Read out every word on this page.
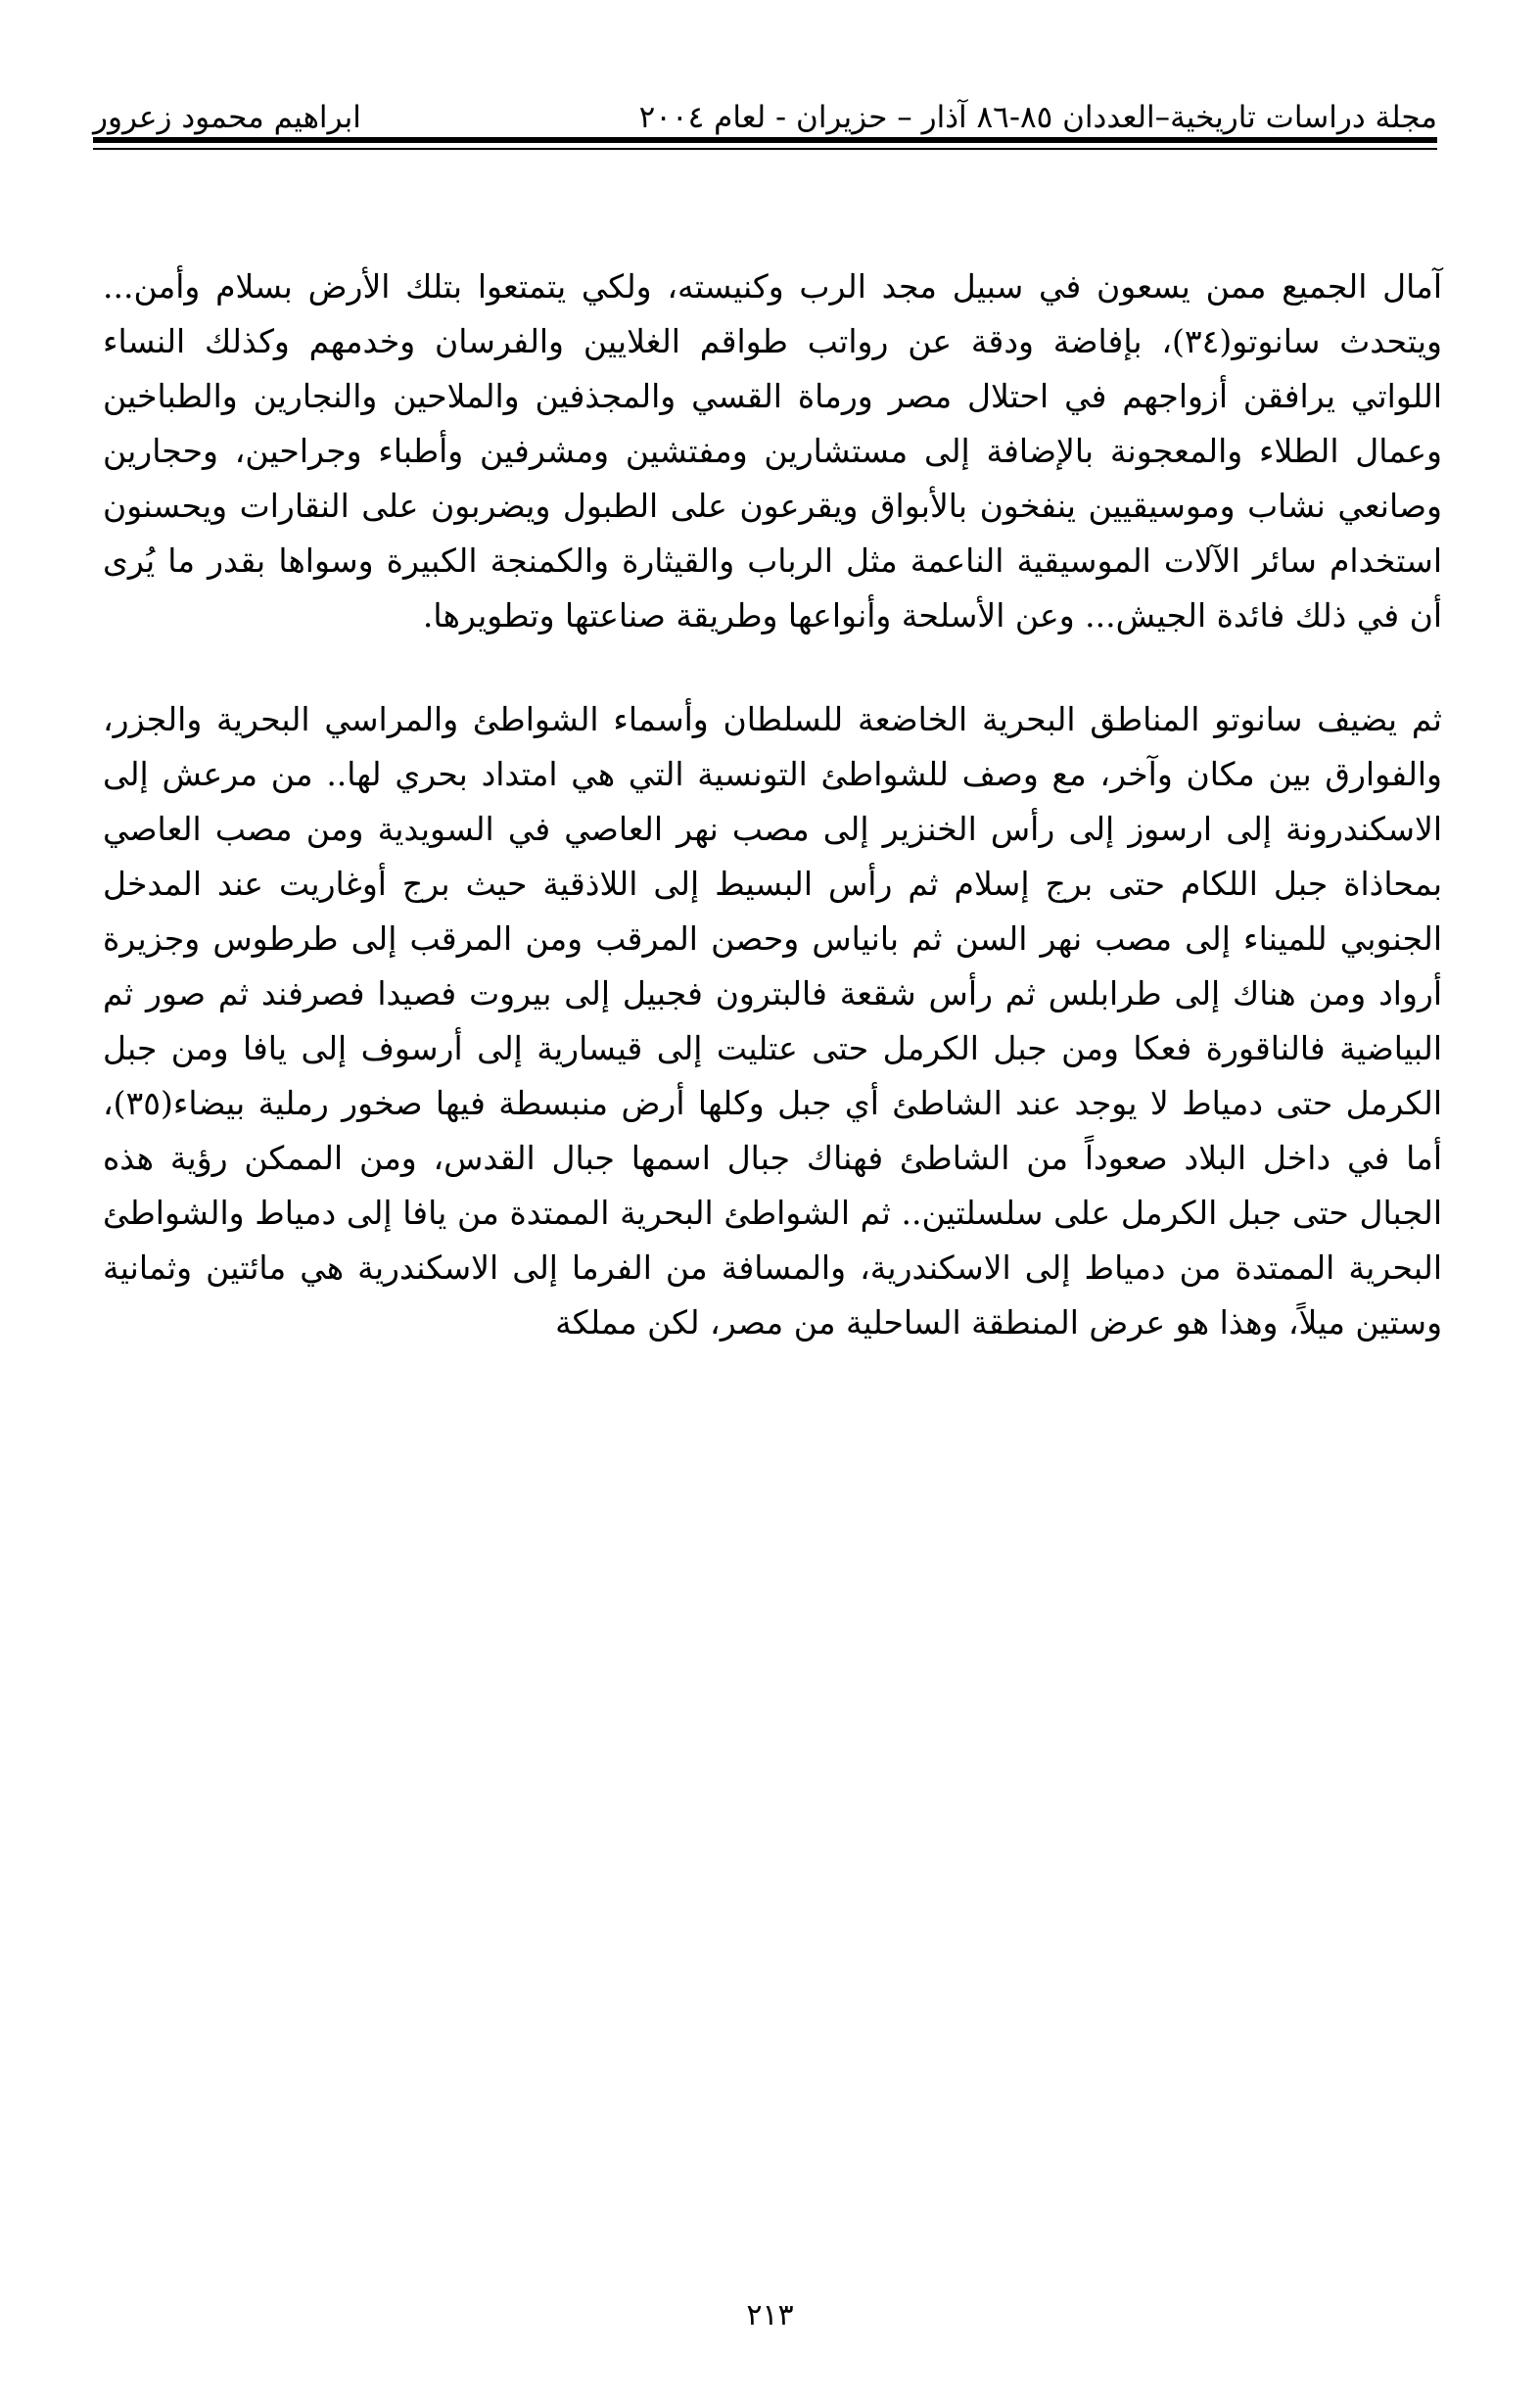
مجلة دراسات تاريخية–العددان ٨٥-٨٦ آذار – حزيران - لعام ٢٠٠٤
ابراهيم محمود زعرور

آمال الجميع ممن يسعون في سبيل مجد الرب وكنيسته، ولكي يتمتعوا بتلك الأرض بسلام وأمن... ويتحدث سانوتو(٣٤)، بإفاضة ودقة عن رواتب طواقم الغلايين والفرسان وخدمهم وكذلك النساء اللواتي يرافقن أزواجهم في احتلال مصر ورماة القسي والمجذفين والملاحين والنجارين والطباخين وعمال الطلاء والمعجونة بالإضافة إلى مستشارين ومفتشين ومشرفين وأطباء وجراحين، وحجارين وصانعي نشاب وموسيقيين ينفخون بالأبواق ويقرعون على الطبول ويضربون على النقارات ويحسنون استخدام سائر الآلات الموسيقية الناعمة مثل الرباب والقيثارة والكمنجة الكبيرة وسواها بقدر ما يُرى أن في ذلك فائدة الجيش... وعن الأسلحة وأنواعها وطريقة صناعتها وتطويرها.

ثم يضيف سانوتو المناطق البحرية الخاضعة للسلطان وأسماء الشواطئ والمراسي البحرية والجزر، والفوارق بين مكان وآخر، مع وصف للشواطئ التونسية التي هي امتداد بحري لها.. من مرعش إلى الاسكندرونة إلى ارسوز إلى رأس الخنزير إلى مصب نهر العاصي في السويدية ومن مصب العاصي بمحاذاة جبل اللكام حتى برج إسلام ثم رأس البسيط إلى اللاذقية حيث برج أوغاريت عند المدخل الجنوبي للميناء إلى مصب نهر السن ثم بانياس وحصن المرقب ومن المرقب إلى طرطوس وجزيرة أرواد ومن هناك إلى طرابلس ثم رأس شقعة فالبترون فجبيل إلى بيروت فصيدا فصرفند ثم صور ثم البياضية فالناقورة فعكا ومن جبل الكرمل حتى عتليت إلى قيسارية إلى أرسوف إلى يافا ومن جبل الكرمل حتى دمياط لا يوجد عند الشاطئ أي جبل وكلها أرض منبسطة فيها صخور رملية بيضاء(٣٥)، أما في داخل البلاد صعوداً من الشاطئ فهناك جبال اسمها جبال القدس، ومن الممكن رؤية هذه الجبال حتى جبل الكرمل على سلسلتين.. ثم الشواطئ البحرية الممتدة من يافا إلى دمياط والشواطئ البحرية الممتدة من دمياط إلى الاسكندرية، والمسافة من الفرما إلى الاسكندرية هي مائتين وثمانية وستين ميلاً، وهذا هو عرض المنطقة الساحلية من مصر، لكن مملكة

٢١٣
